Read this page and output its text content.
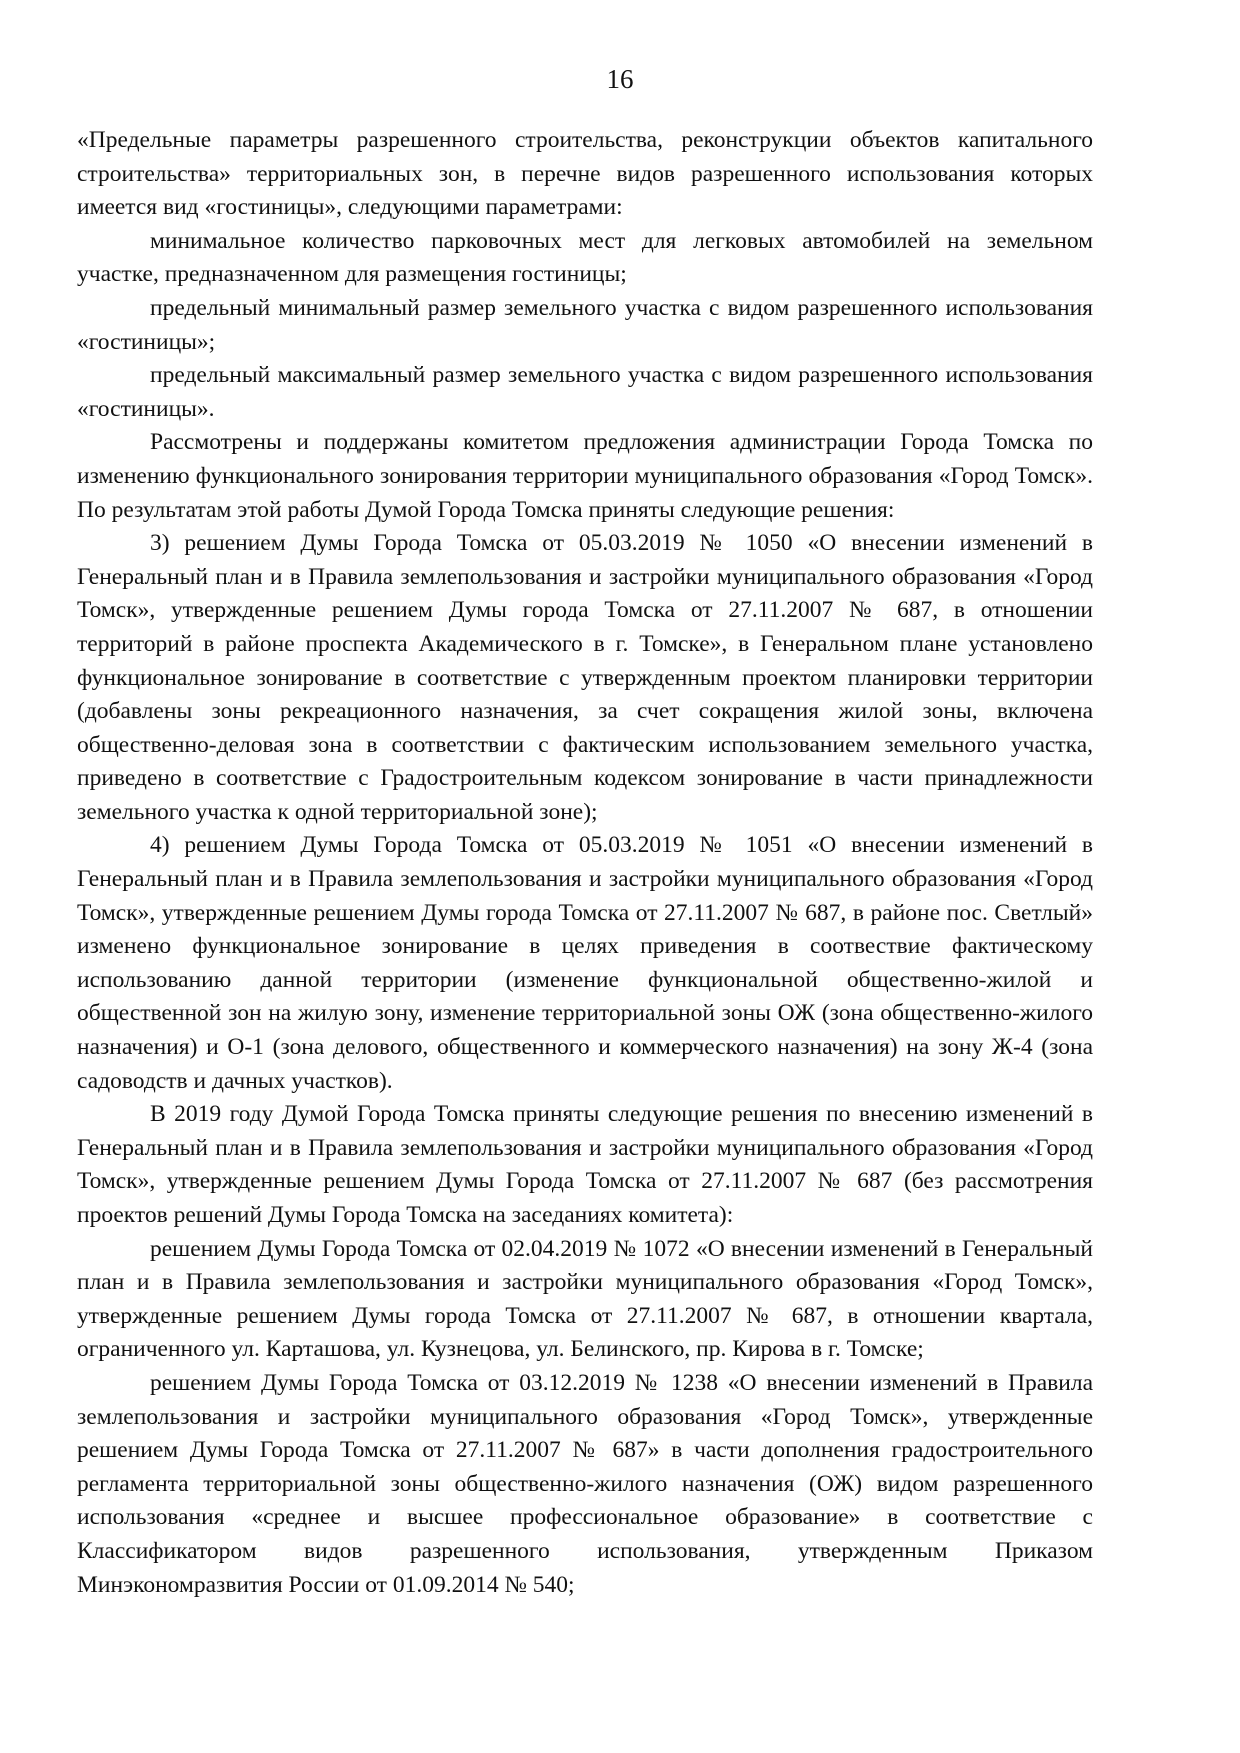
16

«Предельные параметры разрешенного строительства, реконструкции объектов капитального строительства» территориальных зон, в перечне видов разрешенного использования которых имеется вид «гостиницы», следующими параметрами:

минимальное количество парковочных мест для легковых автомобилей на земельном участке, предназначенном для размещения гостиницы;

предельный минимальный размер земельного участка с видом разрешенного использования «гостиницы»;

предельный максимальный размер земельного участка с видом разрешенного использования «гостиницы».

Рассмотрены и поддержаны комитетом предложения администрации Города Томска по изменению функционального зонирования территории муниципального образования «Город Томск». По результатам этой работы Думой Города Томска приняты следующие решения:

3) решением Думы Города Томска от 05.03.2019 № 1050 «О внесении изменений в Генеральный план и в Правила землепользования и застройки муниципального образования «Город Томск», утвержденные решением Думы города Томска от 27.11.2007 № 687, в отношении территорий в районе проспекта Академического в г. Томске», в Генеральном плане установлено функциональное зонирование в соответствие с утвержденным проектом планировки территории (добавлены зоны рекреационного назначения, за счет сокращения жилой зоны, включена общественно-деловая зона в соответствии с фактическим использованием земельного участка, приведено в соответствие с Градостроительным кодексом зонирование в части принадлежности земельного участка к одной территориальной зоне);

4) решением Думы Города Томска от 05.03.2019 № 1051 «О внесении изменений в Генеральный план и в Правила землепользования и застройки муниципального образования «Город Томск», утвержденные решением Думы города Томска от 27.11.2007 № 687, в районе пос. Светлый» изменено функциональное зонирование в целях приведения в соотвествие фактическому использованию данной территории (изменение функциональной общественно-жилой и общественной зон на жилую зону, изменение территориальной зоны ОЖ (зона общественно-жилого назначения) и О-1 (зона делового, общественного и коммерческого назначения) на зону Ж-4 (зона садоводств и дачных участков).

В 2019 году Думой Города Томска приняты следующие решения по внесению изменений в Генеральный план и в Правила землепользования и застройки муниципального образования «Город Томск», утвержденные решением Думы Города Томска от 27.11.2007 № 687 (без рассмотрения проектов решений Думы Города Томска на заседаниях комитета):

решением Думы Города Томска от 02.04.2019 № 1072 «О внесении изменений в Генеральный план и в Правила землепользования и застройки муниципального образования «Город Томск», утвержденные решением Думы города Томска от 27.11.2007 № 687, в отношении квартала, ограниченного ул. Карташова, ул. Кузнецова, ул. Белинского, пр. Кирова в г. Томске;

решением Думы Города Томска от 03.12.2019 № 1238 «О внесении изменений в Правила землепользования и застройки муниципального образования «Город Томск», утвержденные решением Думы Города Томска от 27.11.2007 № 687» в части дополнения градостроительного регламента территориальной зоны общественно-жилого назначения (ОЖ) видом разрешенного использования «среднее и высшее профессиональное образование» в соответствие с Классификатором видов разрешенного использования, утвержденным Приказом Минэкономразвития России от 01.09.2014 № 540;
